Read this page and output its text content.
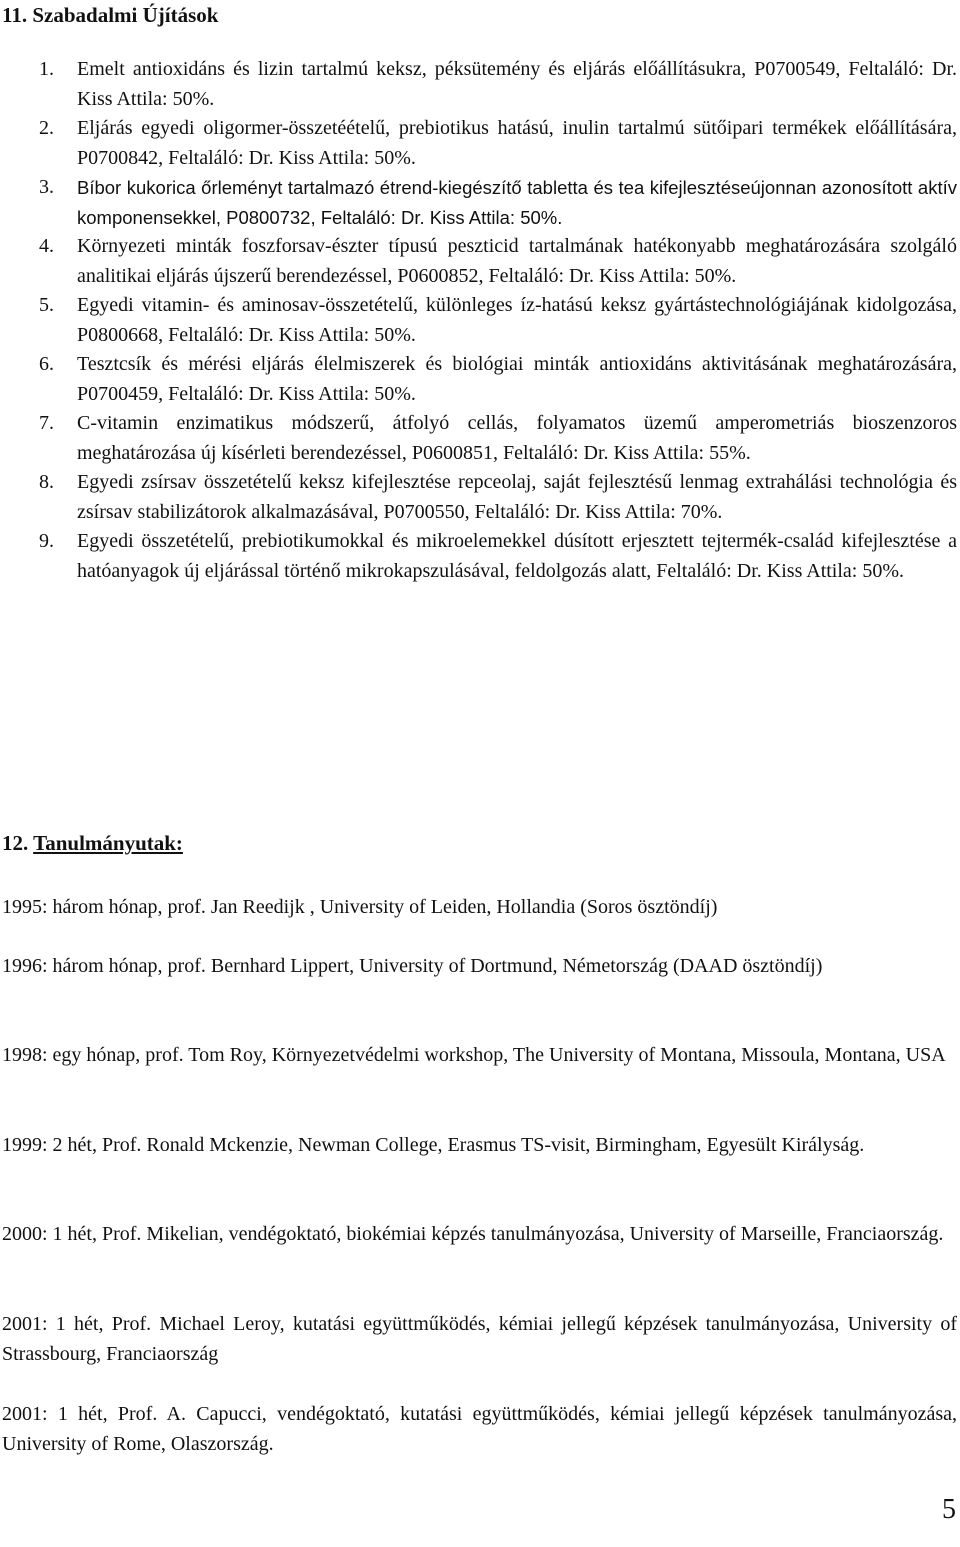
11. Szabadalmi Újítások
1. Emelt antioxidáns és lizin tartalmú keksz, péksütemény és eljárás előállításukra, P0700549, Feltaláló: Dr. Kiss Attila: 50%.
2. Eljárás egyedi oligormer-összetéételű, prebiotikus hatású, inulin tartalmú sütőipari termékek előállítására, P0700842, Feltaláló: Dr. Kiss Attila: 50%.
3. Bíbor kukorica őrleményt tartalmazó étrend-kiegészítő tabletta és tea kifejlesztéseújonnan azonosított aktív komponensekkel, P0800732, Feltaláló: Dr. Kiss Attila: 50%.
4. Környezeti minták foszforsav-észter típusú peszticid tartalmának hatékonyabb meghatározására szolgáló analitikai eljárás újszerű berendezéssel, P0600852, Feltaláló: Dr. Kiss Attila: 50%.
5. Egyedi vitamin- és aminosav-összetételű, különleges íz-hatású keksz gyártástechnológiájának kidolgozása, P0800668, Feltaláló: Dr. Kiss Attila: 50%.
6. Tesztcsík és mérési eljárás élelmiszerek és biológiai minták antioxidáns aktivitásának meghatározására, P0700459, Feltaláló: Dr. Kiss Attila: 50%.
7. C-vitamin enzimatikus módszerű, átfolyó cellás, folyamatos üzemű amperometriás bioszenzoros meghatározása új kísérleti berendezéssel, P0600851, Feltaláló: Dr. Kiss Attila: 55%.
8. Egyedi zsírsav összetételű keksz kifejlesztése repceolaj, saját fejlesztésű lenmag extrahálási technológia és zsírsav stabilizátorok alkalmazásával, P0700550, Feltaláló: Dr. Kiss Attila: 70%.
9. Egyedi összetételű, prebiotikumokkal és mikroelemekkel dúsított erjesztett tejtermék-család kifejlesztése a hatóanyagok új eljárással történő mikrokapszulásával, feldolgozás alatt, Feltaláló: Dr. Kiss Attila: 50%.
12. Tanulmányutak:

1995: három hónap, prof. Jan Reedijk , University of Leiden, Hollandia (Soros ösztöndíj)

1996: három hónap, prof. Bernhard Lippert, University of Dortmund, Németország (DAAD ösztöndíj)

1998: egy hónap, prof. Tom Roy, Környezetvédelmi workshop, The University of Montana, Missoula, Montana, USA

1999: 2 hét, Prof. Ronald Mckenzie, Newman College, Erasmus TS-visit, Birmingham, Egyesült Királyság.

2000: 1 hét, Prof. Mikelian, vendégoktató, biokémiai képzés tanulmányozása, University of Marseille, Franciaország.

2001: 1 hét, Prof. Michael Leroy, kutatási együttműködés, kémiai jellegű képzések tanulmányozása, University of Strassbourg, Franciaország

2001: 1 hét, Prof. A. Capucci, vendégoktató, kutatási együttműködés, kémiai jellegű képzések tanulmányozása, University of Rome, Olaszország.

5
